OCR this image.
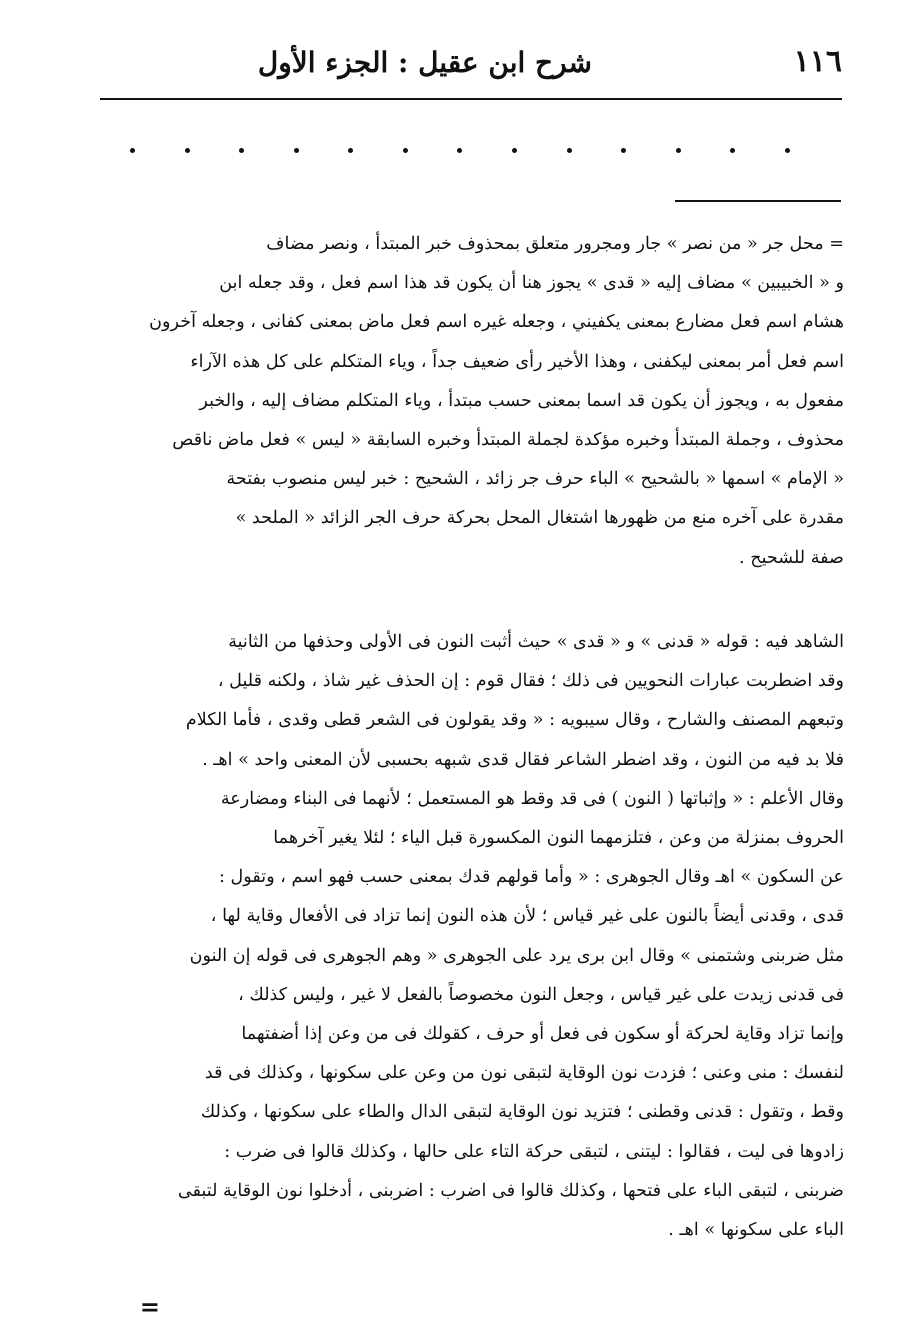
١١٦
شرح ابن عقيل : الجزء الأول
= محل جر « من نصر » جار ومجرور متعلق بمحذوف خبر المبتدأ ، ونصر مضاف
و « الخبيبين » مضاف إليه « قدى » يجوز هنا أن يكون قد هذا اسم فعل ، وقد جعله ابن
هشام اسم فعل مضارع بمعنى يكفيني ، وجعله غيره اسم فعل ماض بمعنى كفانى ، وجعله آخرون
اسم فعل أمر بمعنى ليكفنى ، وهذا الأخير رأى ضعيف جداً ، وياء المتكلم على كل هذه الآراء
مفعول به ، ويجوز أن يكون قد اسما بمعنى حسب مبتدأ ، وياء المتكلم مضاف إليه ، والخبر
محذوف ، وجملة المبتدأ وخبره مؤكدة لجملة المبتدأ وخبره السابقة « ليس » فعل ماض ناقص
« الإمام » اسمها « بالشحيح » الباء حرف جر زائد ، الشحيح : خبر ليس منصوب بفتحة
مقدرة على آخره منع من ظهورها اشتغال المحل بحركة حرف الجر الزائد « الملحد »
صفة للشحيح .
الشاهد فيه : قوله « قدنى » و « قدى » حيث أثبت النون فى الأولى وحذفها من الثانية
وقد اضطربت عبارات النحويين فى ذلك ؛ فقال قوم : إن الحذف غير شاذ ، ولكنه قليل ،
وتبعهم المصنف والشارح ، وقال سيبويه : « وقد يقولون فى الشعر قطى وقدى ، فأما الكلام
فلا بد فيه من النون ، وقد اضطر الشاعر فقال قدى شبهه بحسبى لأن المعنى واحد » اهـ .
وقال الأعلم : « وإثباتها ( النون ) فى قد وقط هو المستعمل ؛ لأنهما فى البناء ومضارعة
الحروف بمنزلة من وعن ، فتلزمهما النون المكسورة قبل الياء ؛ لئلا يغير آخرهما
عن السكون » اهـ وقال الجوهرى : « وأما قولهم قدك بمعنى حسب فهو اسم ، وتقول :
قدى ، وقدنى أيضاً بالنون على غير قياس ؛ لأن هذه النون إنما تزاد فى الأفعال وقاية لها ،
مثل ضربنى وشتمنى » وقال ابن برى يرد على الجوهرى « وهم الجوهرى فى قوله إن النون
فى قدنى زيدت على غير قياس ، وجعل النون مخصوصاً بالفعل لا غير ، وليس كذلك ،
وإنما تزاد وقاية لحركة أو سكون فى فعل أو حرف ، كقولك فى من وعن إذا أضفتهما
لنفسك : منى وعنى ؛ فزدت نون الوقاية لتبقى نون من وعن على سكونها ، وكذلك فى قد
وقط ، وتقول : قدنى وقطنى ؛ فتزيد نون الوقاية لتبقى الدال والطاء على سكونها ، وكذلك
زادوها فى ليت ، فقالوا : ليتنى ، لتبقى حركة التاء على حالها ، وكذلك قالوا فى ضرب :
ضربنى ، لتبقى الباء على فتحها ، وكذلك قالوا فى اضرب : اضربنى ، أدخلوا نون الوقاية لتبقى
الباء على سكونها » اهـ .
=
